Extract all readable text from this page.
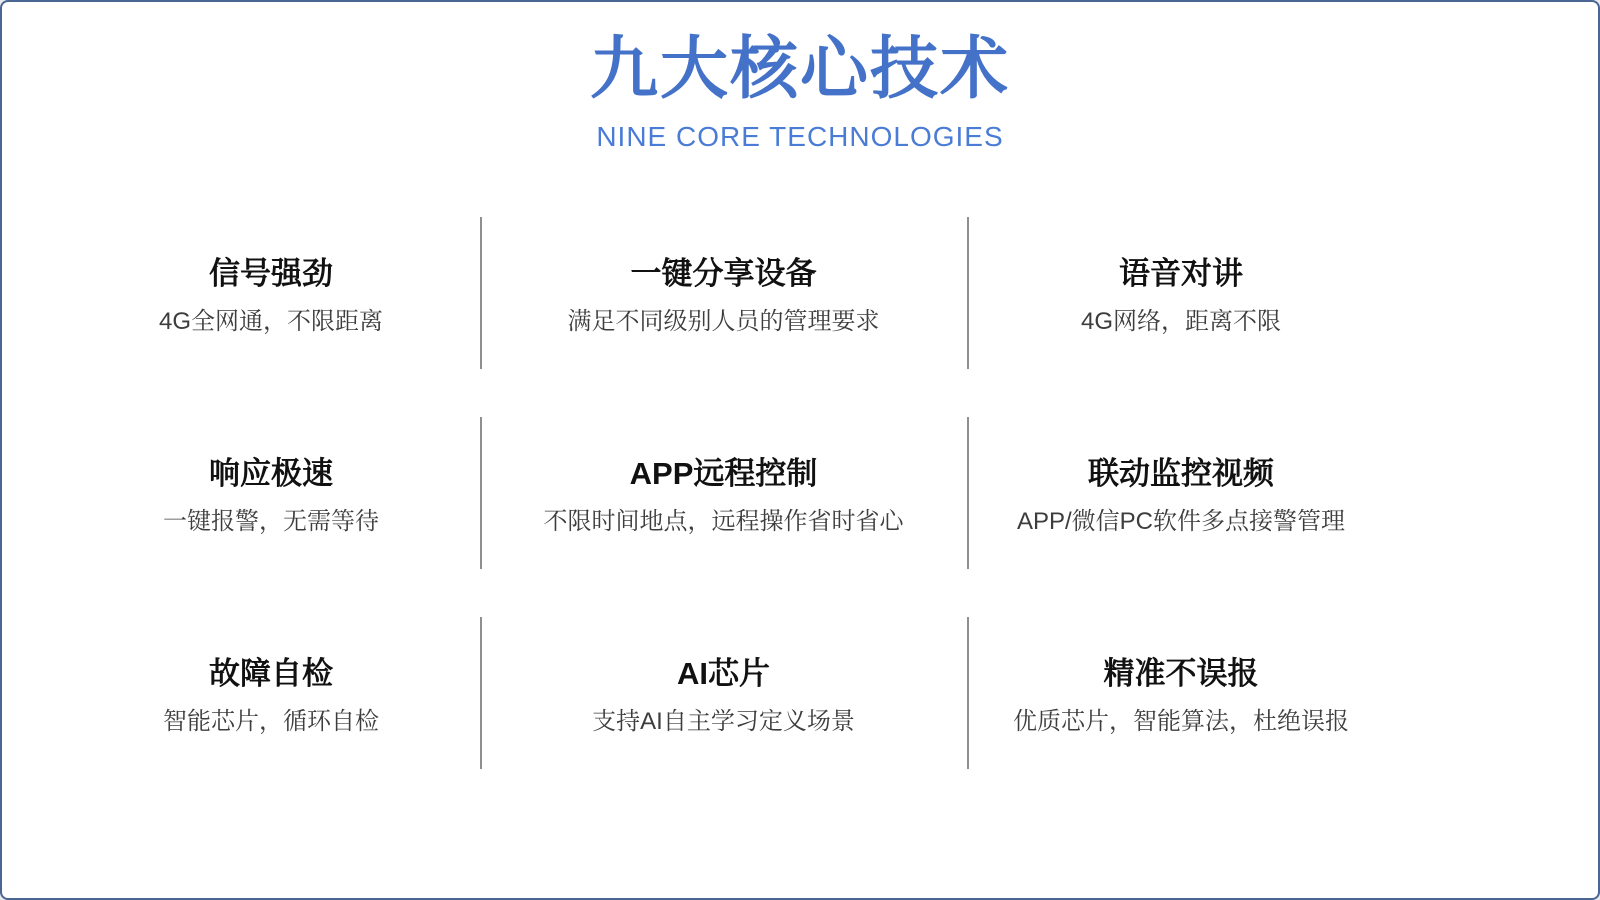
九大核心技术
NINE CORE TECHNOLOGIES
信号强劲
4G全网通，不限距离
一键分享设备
满足不同级别人员的管理要求
语音对讲
4G网络，距离不限
响应极速
一键报警，无需等待
APP远程控制
不限时间地点，远程操作省时省心
联动监控视频
APP/微信PC软件多点接警管理
故障自检
智能芯片，循环自检
AI芯片
支持AI自主学习定义场景
精准不误报
优质芯片，智能算法，杜绝误报
